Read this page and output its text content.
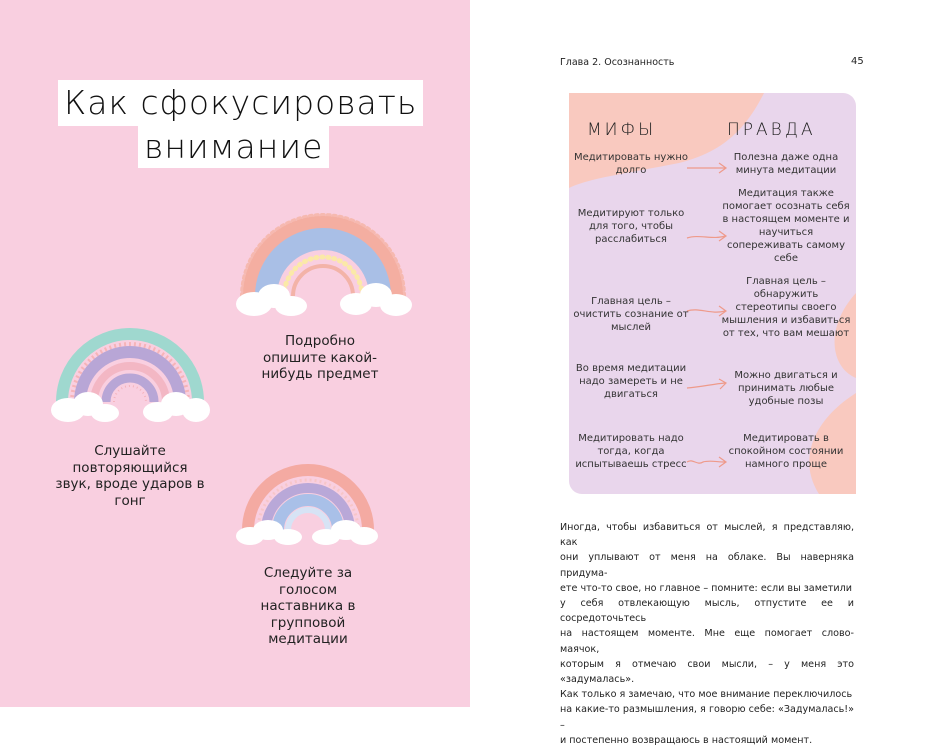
Как сфокусировать
внимание
Подробно опишите какой-нибудь предмет
Слушайте повторяющийся звук, вроде ударов в гонг
Следуйте за голосом наставника в групповой медитации
Глава 2. Осознанность	45
МИФЫ	ПРАВДА
Медитировать нужно долго
Полезна даже одна минута медитации
Медитируют только для того, чтобы расслабиться
Медитация также помогает осознать себя в настоящем моменте и научиться сопереживать самому себе
Главная цель – очистить сознание от мыслей
Главная цель – обнаружить стереотипы своего мышления и избавиться от тех, что вам мешают
Во время медитации надо замереть и не двигаться
Можно двигаться и принимать любые удобные позы
Медитировать надо тогда, когда испытываешь стресс
Медитировать в спокойном состоянии намного проще

Иногда, чтобы избавиться от мыслей, я представляю, как

они уплывают от меня на облаке. Вы наверняка придума-

ете что-то свое, но главное – помните: если вы заметили

у себя отвлекающую мысль, отпустите ее и сосредоточьтесь

на настоящем моменте. Мне еще помогает слово-маячок,

которым я отмечаю свои мысли, – у меня это «задумалась».

Как только я замечаю, что мое внимание переключилось

на какие-то размышления, я говорю себе: «Задумалась!» –

и постепенно возвращаюсь в настоящий момент.
